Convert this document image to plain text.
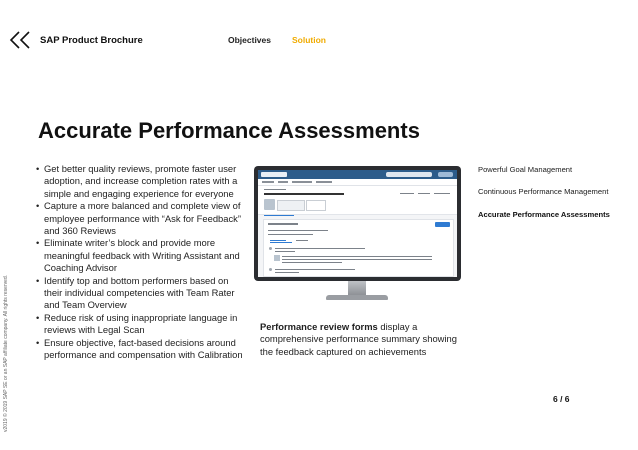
SAP Product Brochure	Objectives Solution
v2019 © 2019 SAP SE or an SAP affiliate company. All rights reserved.
Accurate Performance Assessments
• Get better quality reviews, promote faster user adoption, and increase completion rates with a simple and engaging experience for everyone
• Capture a more balanced and complete view of employee performance with “Ask for Feedback” and 360 Reviews
• Eliminate writer’s block and provide more meaningful feedback with Writing Assistant and Coaching Advisor
• Identify top and bottom performers based on their individual competencies with Team Rater and Team Overview
• Reduce risk of using inappropriate language in reviews with Legal Scan
• Ensure objective, fact-based decisions around performance and compensation with Calibration

Performance review forms display a comprehensive performance summary showing the feedback captured on achievements

Powerful Goal Management
Continuous Performance Management
Accurate Performance Assessments
6 / 6
